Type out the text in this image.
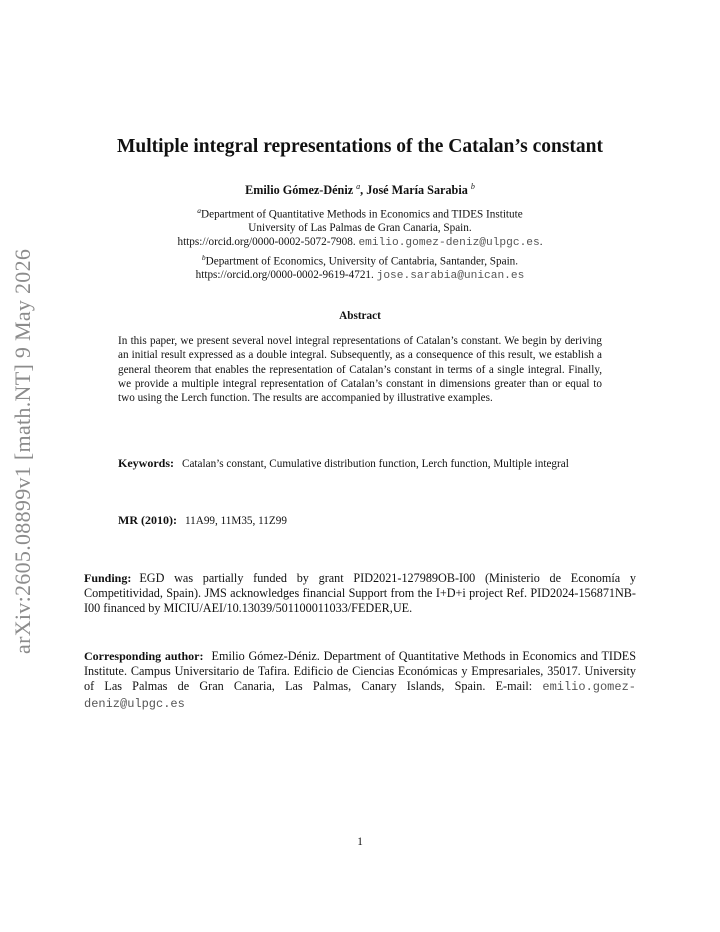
arXiv:2605.08899v1 [math.NT] 9 May 2026
Multiple integral representations of the Catalan’s constant
Emilio Gómez-Déniz $^a$, José María Sarabia $^b$
$^a$Department of Quantitative Methods in Economics and TIDES Institute
University of Las Palmas de Gran Canaria, Spain.
https://orcid.org/0000-0002-5072-7908. emilio.gomez-deniz@ulpgc.es.
$^b$Department of Economics, University of Cantabria, Santander, Spain.
https://orcid.org/0000-0002-9619-4721. jose.sarabia@unican.es
Abstract
In this paper, we present several novel integral representations of Catalan’s constant. We begin by deriving an initial result expressed as a double integral. Subsequently, as a consequence of this result, we establish a general theorem that enables the representation of Catalan’s constant in terms of a single integral. Finally, we provide a multiple integral representation of Catalan’s constant in dimensions greater than or equal to two using the Lerch function. The results are accompanied by illustrative examples.
Keywords: Catalan’s constant, Cumulative distribution function, Lerch function, Multiple integral
MR (2010): 11A99, 11M35, 11Z99
Funding: EGD was partially funded by grant PID2021-127989OB-I00 (Ministerio de Economía y Competitividad, Spain). JMS acknowledges financial Support from the I+D+i project Ref. PID2024-156871NB-I00 financed by MICIU/AEI/10.13039/501100011033/FEDER,UE.
Corresponding author: Emilio Gómez-Déniz. Department of Quantitative Methods in Economics and TIDES Institute. Campus Universitario de Tafira. Edificio de Ciencias Económicas y Empresariales, 35017. University of Las Palmas de Gran Canaria, Las Palmas, Canary Islands, Spain. E-mail: emilio.gomez-deniz@ulpgc.es
1
